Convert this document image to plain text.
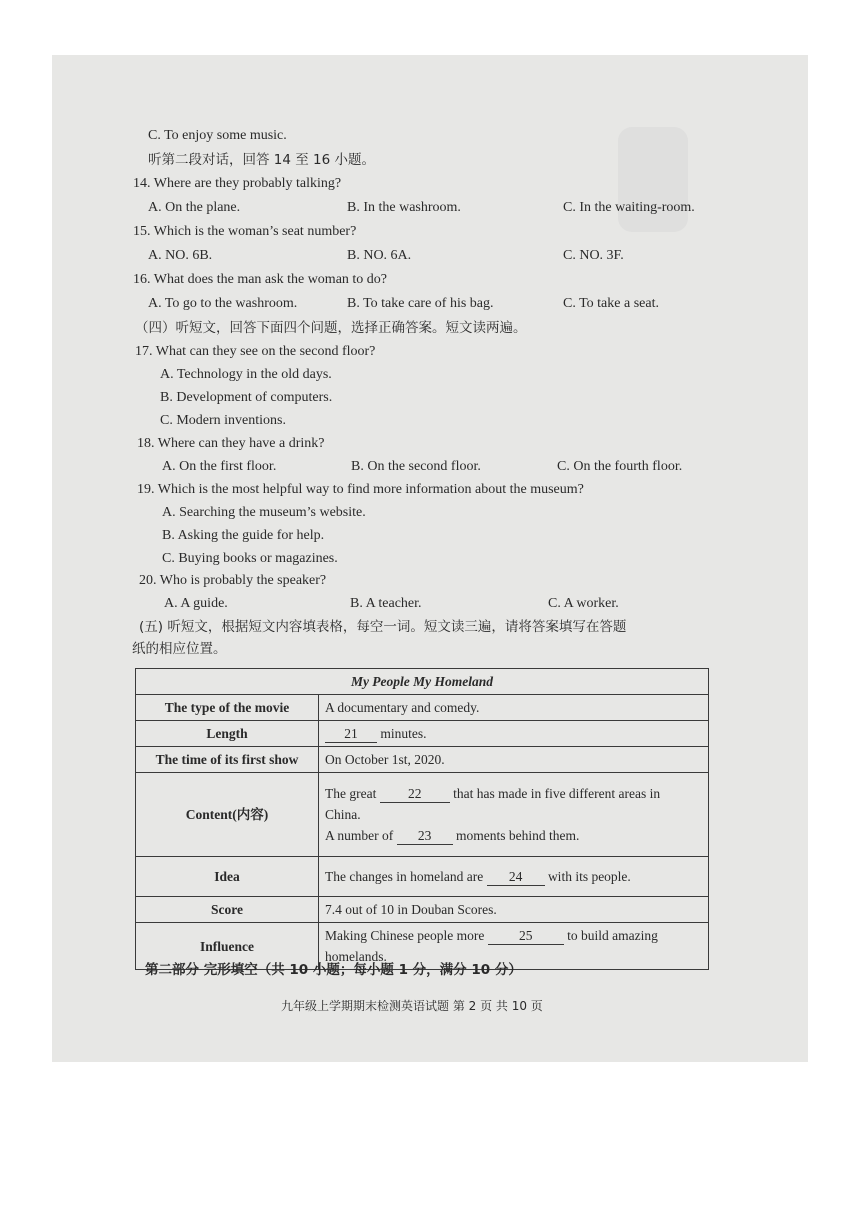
C. To enjoy some music.
听第二段对话，回答 14 至 16 小题。
14. Where are they probably talking?
A. On the plane.	B. In the washroom.	C. In the waiting-room.
15. Which is the woman’s seat number?
A. NO. 6B.	B. NO. 6A.	C. NO. 3F.
16. What does the man ask the woman to do?
A. To go to the washroom.	B. To take care of his bag.	C. To take a seat.
（四）听短文，回答下面四个问题，选择正确答案。短文读两遍。
17. What can they see on the second floor?
A. Technology in the old days.
B. Development of computers.
C. Modern inventions.
18. Where can they have a drink?
A. On the first floor.	B. On the second floor.	C. On the fourth floor.
19. Which is the most helpful way to find more information about the museum?
A. Searching the museum’s website.
B. Asking the guide for help.
C. Buying books or magazines.
20. Who is probably the speaker?
A. A guide.	B. A teacher.	C. A worker.
(五) 听短文，根据短文内容填表格，每空一词。短文读三遍，请将答案填写在答题
纸的相应位置。
My People My Homeland	
The type of the movie	A documentary and comedy.
Length	21 minutes.
The time of its first show	On October 1st, 2020.
Content(内容)	The great 22 that has made in five different areas in
China.
A number of 23 moments behind them.

Idea	The changes in homeland are 24 with its people.
Score	7.4 out of 10 in Douban Scores.
Influence	Making Chinese people more 25 to build amazing
homelands.
第二部分 完形填空（共 10 小题；每小题 1 分，满分 10 分）
九年级上学期期末检测英语试题 第 2 页 共 10 页
